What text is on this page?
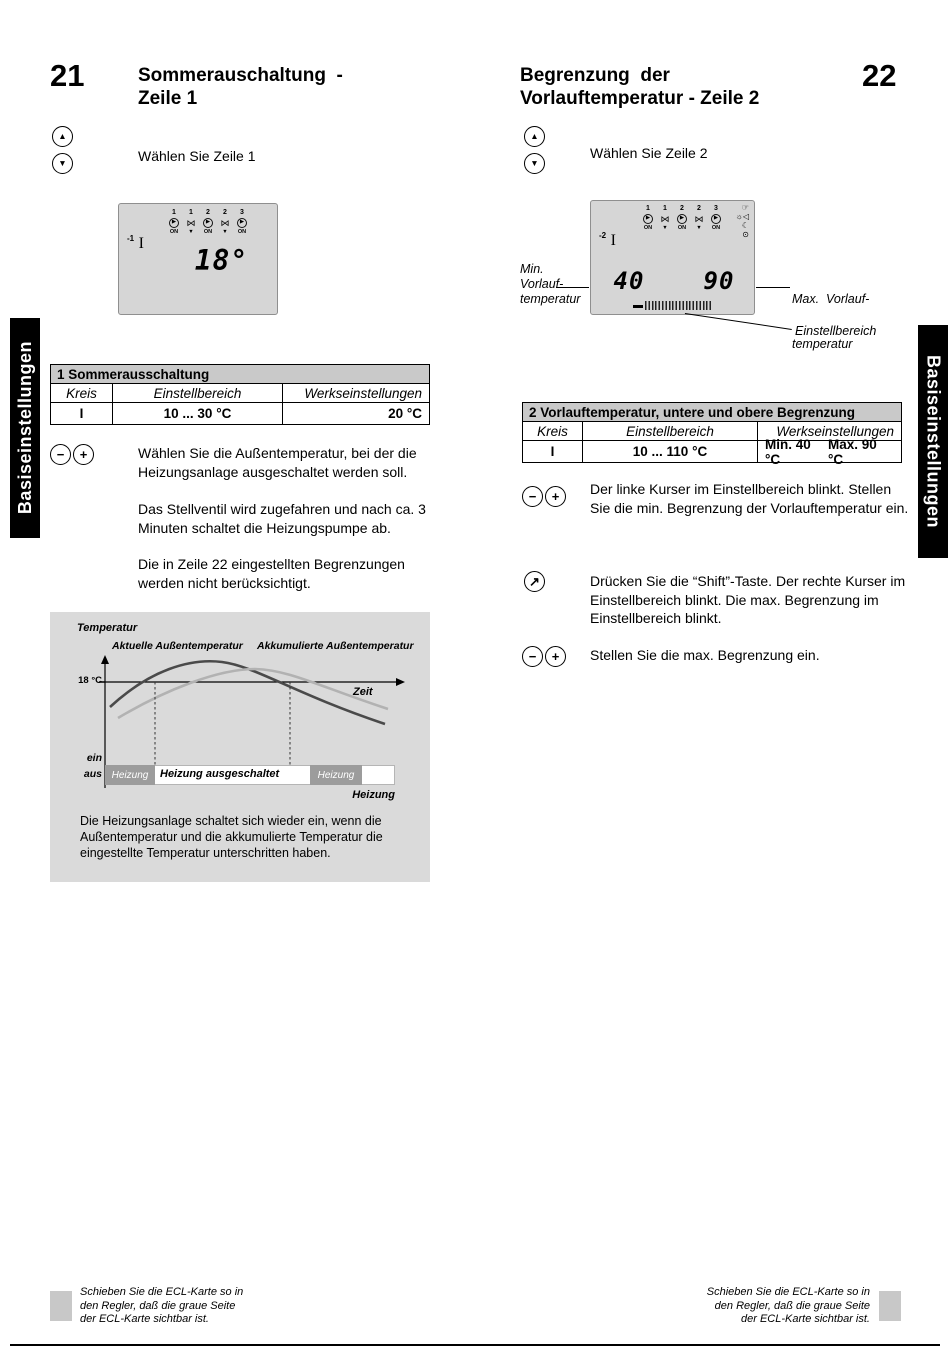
Basiseinstellungen	Basiseinstellungen
21	Sommerauschaltung  -
Zeile 1
22
Begrenzung  der
Vorlauftemperatur - Zeile 2
▲
▼	Wählen Sie Zeile 1
1
▶
ON
1
⋈
▼
2
▶
ON
2
⋈
▼
3
▶
ON
$^{-1}$ I
18°
1 Sommerausschaltung
Kreis	Einstellbereich	Werkseinstellungen
I	10 ... 30 °C	20 °C
− +	Wählen Sie die Außentemperatur, bei der die Heizungsanlage ausgeschaltet werden soll.
Das Stellventil wird zugefahren und nach ca. 3 Minuten schaltet die Heizungspumpe ab.
Die in Zeile 22 eingestellten Begrenzungen werden nicht berücksichtigt.
Temperatur
Aktuelle Außentemperatur Akkumulierte Außentemperatur
18 °C
Zeit
ein
aus Heizung	Heizung ausgeschaltet	Heizung
Heizung
Die Heizungsanlage schaltet sich wieder ein, wenn die Außentemperatur und die akkumulierte Temperatur die eingestellte Temperatur unterschritten haben.
▲
▼
Wählen Sie Zeile 2
1
▶
ON
1
⋈
▼
2
▶
ON
2
⋈
▼
3
▶
ON
☞
☼◁
☾
⊙
$^{-2}$ I
40 90
Min.
Vorlauf-
temperatur

	Max.  Vorlauf-

temperatur

Einstellbereich
2 Vorlauftemperatur, untere und obere Begrenzung
Kreis	Einstellbereich	Werkseinstellungen
I	10 ... 110 °C	Min. 40 °C
Max. 90 °C
− + Der linke Kurser im Einstellbereich blinkt. Stellen Sie die min. Begrenzung der Vorlauftemperatur ein.
↗	Drücken Sie die “Shift”-Taste. Der rechte Kurser im Einstellbereich blinkt. Die max. Begrenzung im Einstellbereich blinkt.
− + Stellen Sie die max. Begrenzung ein.
Schieben Sie die ECL-Karte so in
den Regler, daß die graue Seite
der ECL-Karte sichtbar ist.
Schieben Sie die ECL-Karte so in
den Regler, daß die graue Seite
der ECL-Karte sichtbar ist.
